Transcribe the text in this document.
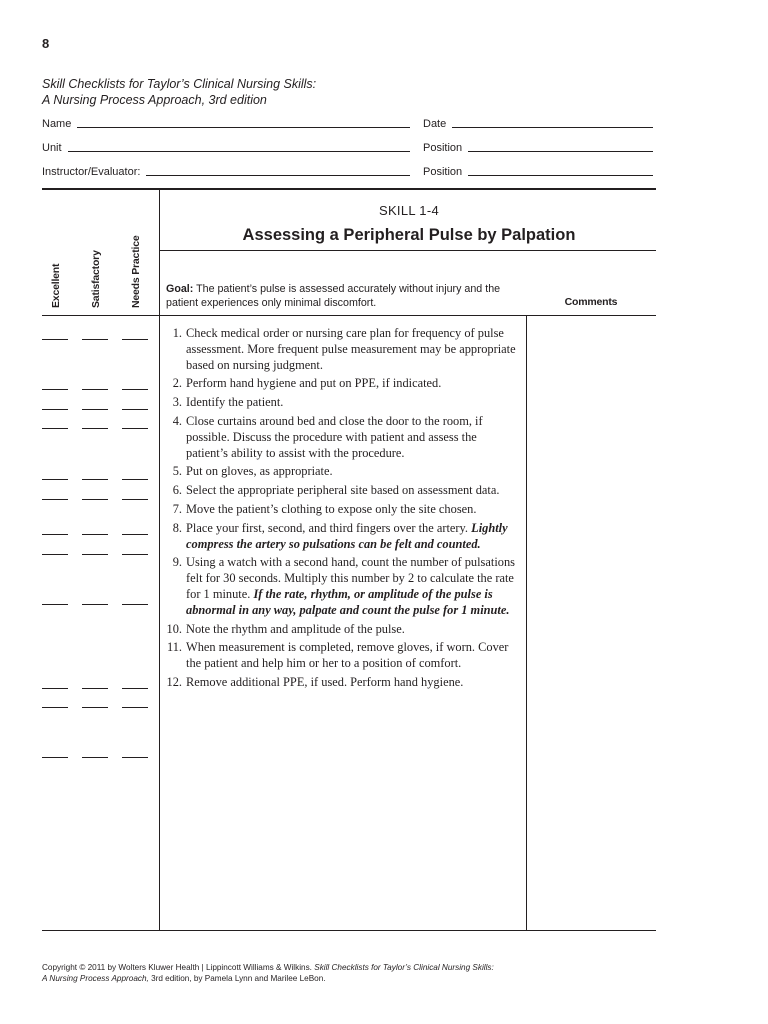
8
Skill Checklists for Taylor’s Clinical Nursing Skills:
A Nursing Process Approach, 3rd edition
Name	Date
Unit	Position
Instructor/Evaluator:	Position
Excellent	Satisfactory	Needs Practice
SKILL 1-4
Assessing a Peripheral Pulse by Palpation
Goal: The patient’s pulse is assessed accurately without injury and the patient experiences only minimal discomfort.	Comments
1. Check medical order or nursing care plan for frequency of pulse assessment. More frequent pulse measurement may be appropriate based on nursing judgment.
2. Perform hand hygiene and put on PPE, if indicated.
3. Identify the patient.
4. Close curtains around bed and close the door to the room, if possible. Discuss the procedure with patient and assess the patient’s ability to assist with the procedure.
5. Put on gloves, as appropriate.
6. Select the appropriate peripheral site based on assessment data.
7. Move the patient’s clothing to expose only the site chosen.
8. Place your first, second, and third fingers over the artery. Lightly compress the artery so pulsations can be felt and counted.
9. Using a watch with a second hand, count the number of pulsations felt for 30 seconds. Multiply this number by 2 to calculate the rate for 1 minute. If the rate, rhythm, or amplitude of the pulse is abnormal in any way, palpate and count the pulse for 1 minute.
10. Note the rhythm and amplitude of the pulse.
11. When measurement is completed, remove gloves, if worn. Cover the patient and help him or her to a position of comfort.
12. Remove additional PPE, if used. Perform hand hygiene.
Copyright © 2011 by Wolters Kluwer Health | Lippincott Williams & Wilkins. Skill Checklists for Taylor’s Clinical Nursing Skills:
A Nursing Process Approach, 3rd edition, by Pamela Lynn and Marilee LeBon.
